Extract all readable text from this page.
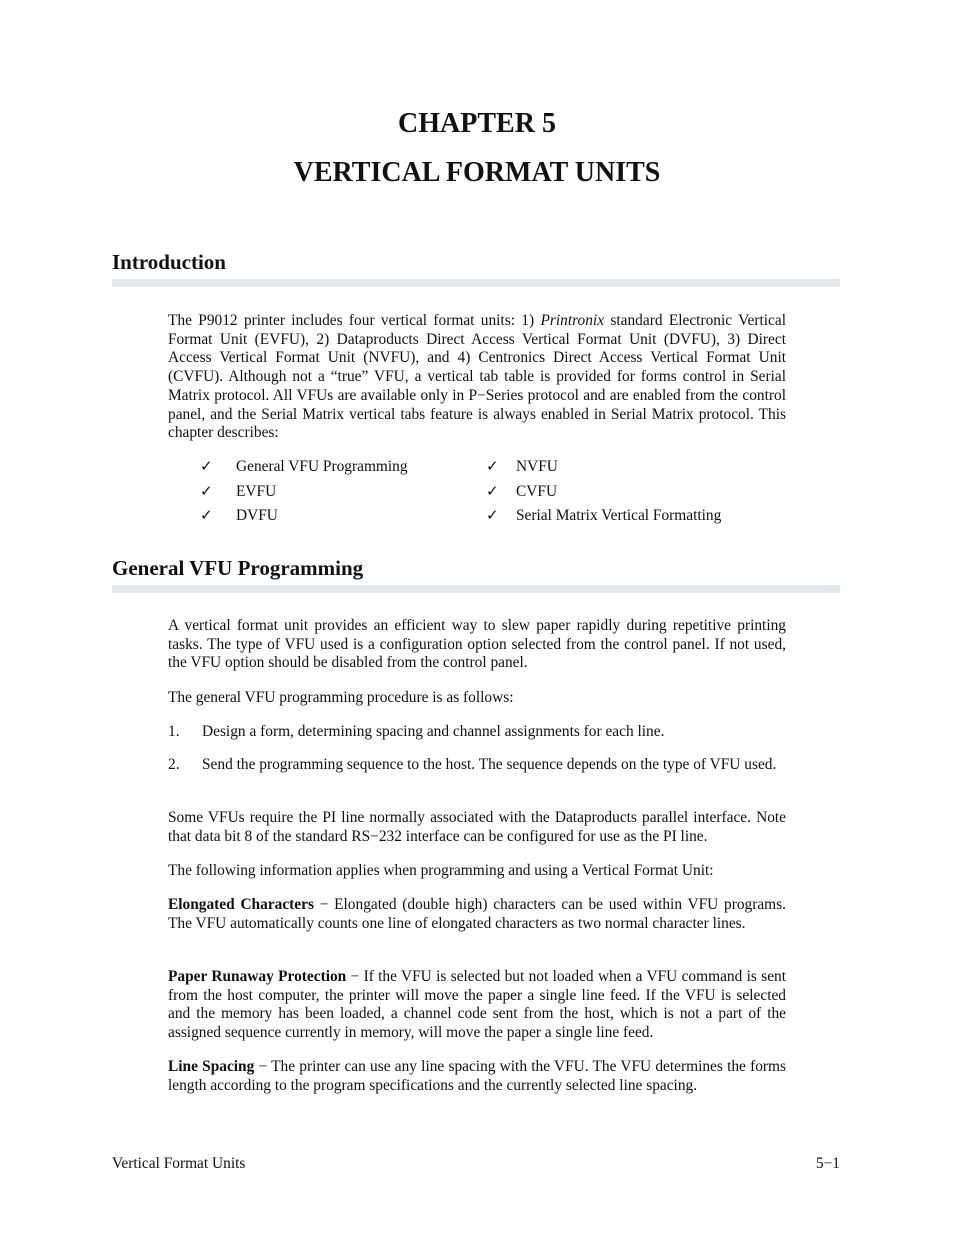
CHAPTER 5
VERTICAL FORMAT UNITS
Introduction

The P9012 printer includes four vertical format units: 1) Printronix standard Electronic Vertical Format Unit (EVFU), 2) Dataproducts Direct Access Vertical Format Unit (DVFU), 3) Direct Access Vertical Format Unit (NVFU), and 4) Centronics Direct Access Vertical Format Unit (CVFU). Although not a “true” VFU, a vertical tab table is provided for forms control in Serial Matrix protocol. All VFUs are available only in P−Series protocol and are enabled from the control panel, and the Serial Matrix vertical tabs feature is always enabled in Serial Matrix protocol. This chapter describes:

✓ General VFU Programming
✓ EVFU
✓ DVFU
✓ NVFU
✓ CVFU
✓ Serial Matrix Vertical Formatting
General VFU Programming

A vertical format unit provides an efficient way to slew paper rapidly during repetitive printing tasks. The type of VFU used is a configuration option selected from the control panel. If not used, the VFU option should be disabled from the control panel.

The general VFU programming procedure is as follows:

1. Design a form, determining spacing and channel assignments for each line.
2. Send the programming sequence to the host. The sequence depends on the type of VFU used.

Some VFUs require the PI line normally associated with the Dataproducts parallel interface. Note that data bit 8 of the standard RS−232 interface can be configured for use as the PI line.

The following information applies when programming and using a Vertical Format Unit:

Elongated Characters − Elongated (double high) characters can be used within VFU programs. The VFU automatically counts one line of elongated characters as two normal character lines.

Paper Runaway Protection − If the VFU is selected but not loaded when a VFU command is sent from the host computer, the printer will move the paper a single line feed. If the VFU is selected and the memory has been loaded, a channel code sent from the host, which is not a part of the assigned sequence currently in memory, will move the paper a single line feed.

Line Spacing − The printer can use any line spacing with the VFU. The VFU determines the forms length according to the program specifications and the currently selected line spacing.

Vertical Format Units	5−1
